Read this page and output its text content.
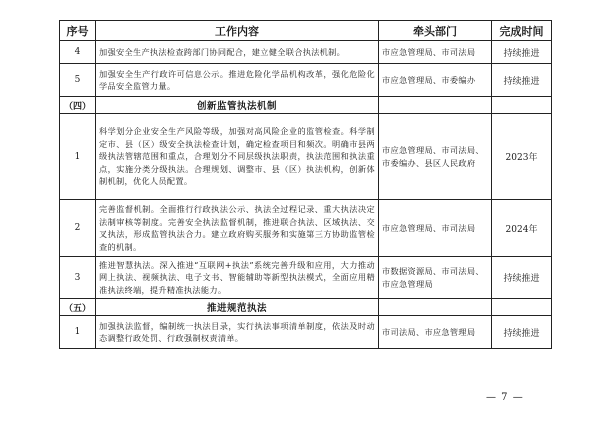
序号	工作内容	牵头部门	完成时间
4	加强安全生产执法检查跨部门协同配合，建立健全联合执法机制。	市应急管理局、市司法局	持续推进
5	加强安全生产行政许可信息公示。推进危险化学品机构改革，强化危险化学品安全监管力量。	市应急管理局、市委编办	持续推进
（四）	创新监管执法机制		
1	科学划分企业安全生产风险等级，加强对高风险企业的监管检查。科学制定市、县（区）级安全执法检查计划，确定检查项目和频次。明确市县两级执法管辖范围和重点，合理划分不同层级执法职责，执法范围和执法重点，实施分类分级执法。合理规划、调整市、县（区）执法机构，创新体制机制，优化人员配置。	市应急管理局、市司法局、市委编办、县区人民政府	2023年
2	完善监督机制。全面推行行政执法公示、执法全过程记录、重大执法决定法制审核等制度。完善安全执法监督机制，推进联合执法、区域执法、交叉执法，形成监管执法合力。建立政府购买服务和实施第三方协助监管检查的机制。	市应急管理局、市司法局	2024年
3	推进智慧执法。深入推进“互联网+执法”系统完善升级和应用，大力推动网上执法、视频执法、电子文书、智能辅助等新型执法模式，全面应用精准执法终端，提升精准执法能力。	市数据资源局、市司法局、市应急管理局	持续推进
（五）	推进规范执法		
1	加强执法监督，编制统一执法目录，实行执法事项清单制度，依法及时动态调整行政处罚、行政强制权责清单。	市司法局、市应急管理局	持续推进
— 7 —
